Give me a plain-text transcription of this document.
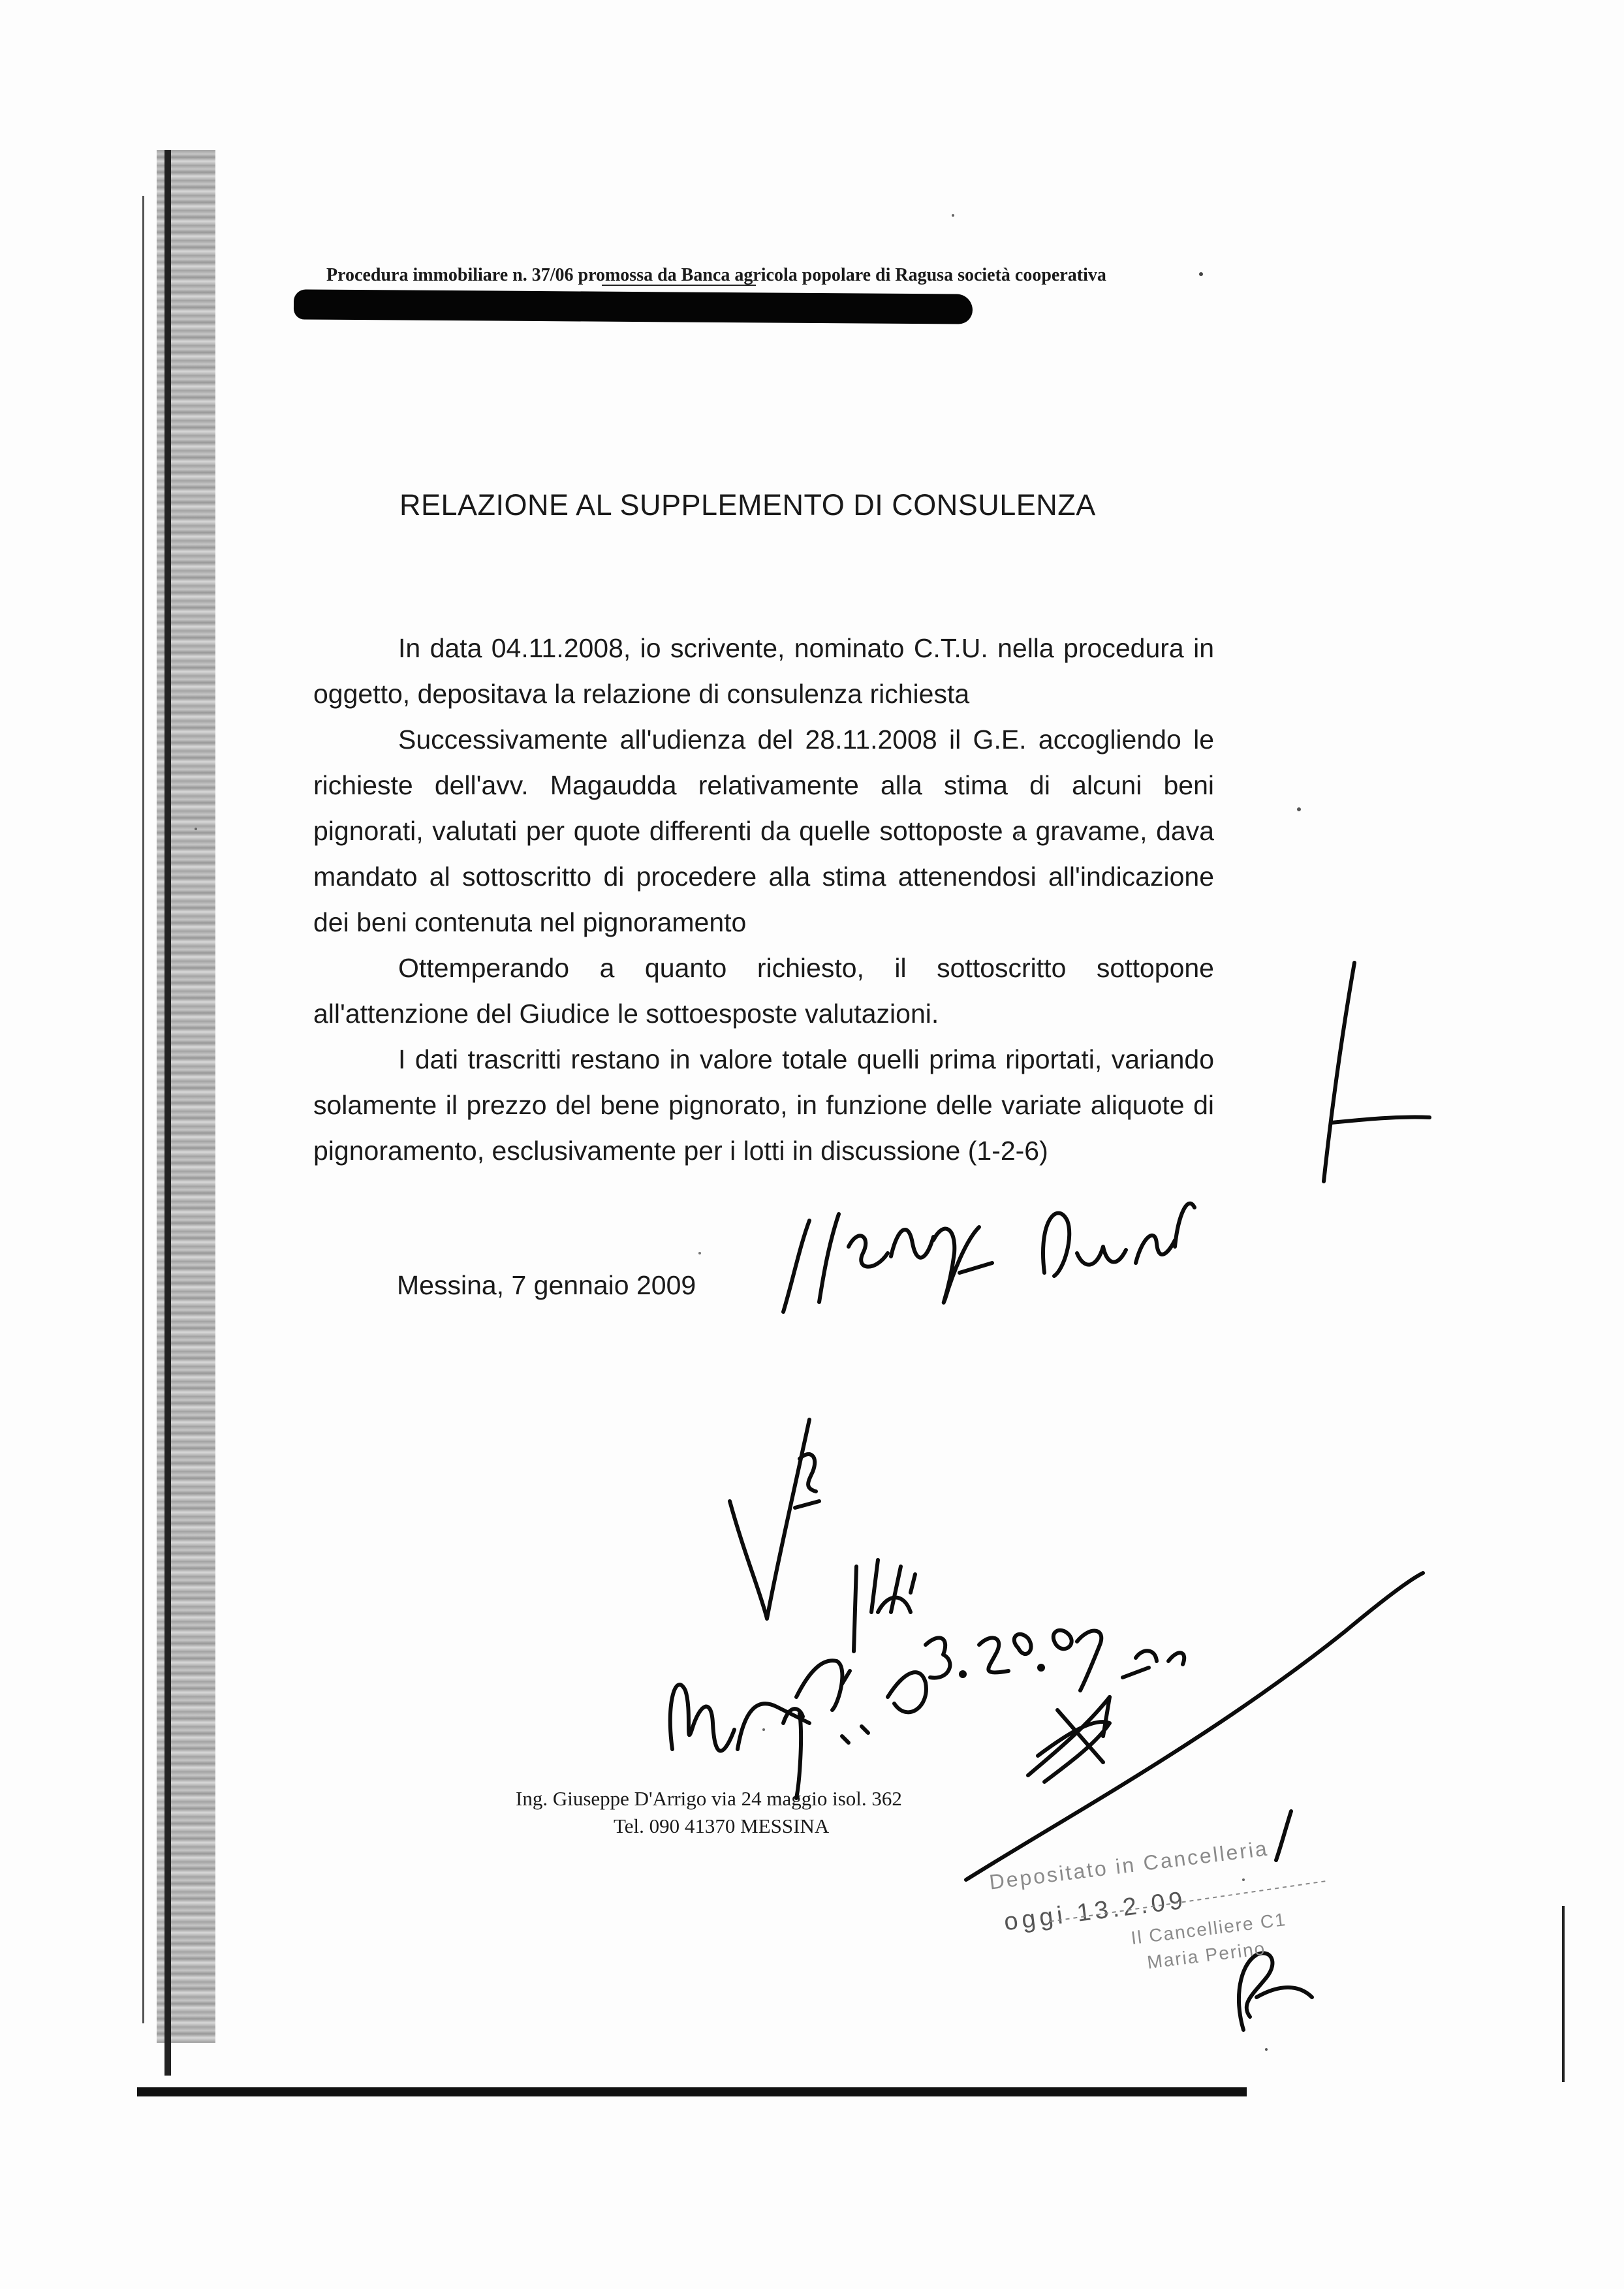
Procedura immobiliare n. 37/06 promossa da Banca agricola popolare di Ragusa società cooperativa
RELAZIONE AL SUPPLEMENTO DI CONSULENZA

In data 04.11.2008, io scrivente, nominato C.T.U. nella procedura in oggetto, depositava la relazione di consulenza richiesta

Successivamente all'udienza del 28.11.2008 il G.E. accogliendo le richieste dell'avv. Magaudda relativamente alla stima di alcuni beni pignorati, valutati per quote differenti da quelle sottoposte a gravame, dava mandato al sottoscritto di procedere alla stima attenendosi all'indicazione dei beni contenuta nel pignoramento

Ottemperando a quanto richiesto, il sottoscritto sottopone all'attenzione del Giudice le sottoesposte valutazioni.

I dati trascritti restano in valore totale quelli prima riportati, variando solamente il prezzo del bene pignorato, in funzione delle variate aliquote di pignoramento, esclusivamente per i lotti in discussione (1-2-6)

Messina, 7 gennaio 2009
Ing. Giuseppe D'Arrigo via 24 maggio isol. 362
Tel. 090 41370 MESSINA
Depositato in Cancelleria
oggi 13.2.09
Il Cancelliere C1
Maria Perino
